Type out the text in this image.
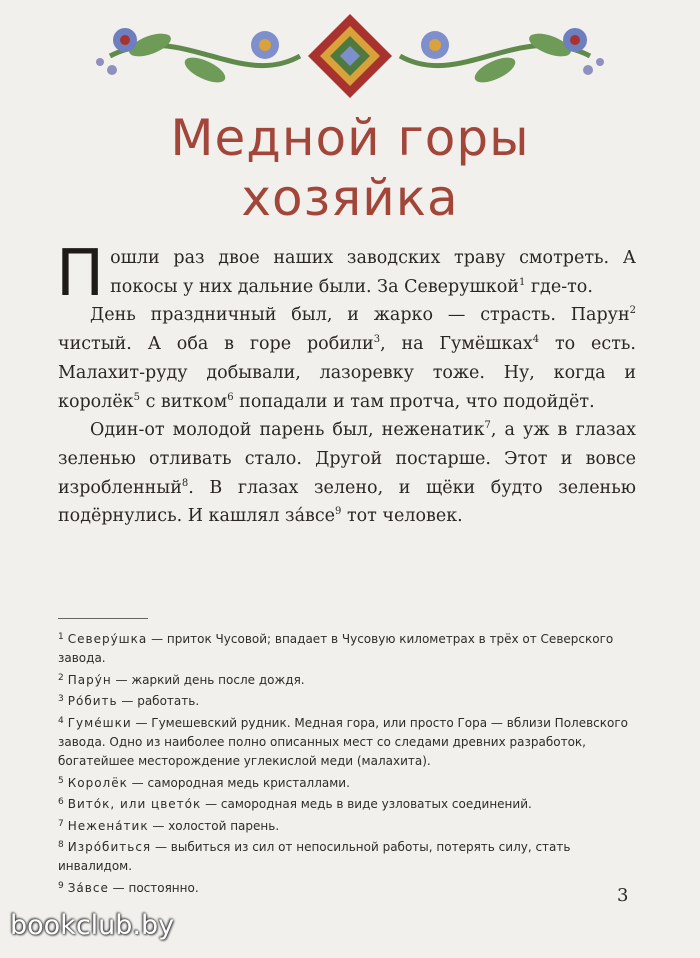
Медной горы
хозяйка

Пошли раз двое наших заводских траву смотреть. А покосы у них дальние были. За Северушкой$^1$ где-то.

День праздничный был, и жарко — страсть. Парун$^2$ чистый. А оба в горе робили$^3$, на Гумёшках$^4$ то есть. Малахит-руду добывали, лазоревку тоже. Ну, когда и королёк$^5$ с витком$^6$ попадали и там протча, что подойдёт.

Один-от молодой парень был, неженатик$^7$, а уж в глазах зеленью отливать стало. Другой постарше. Этот и вовсе изробленный$^8$. В глазах зелено, и щёки будто зеленью подёрнулись. И кашлял за́все$^9$ тот человек.

$^1$ Северу́шка — приток Чусовой; впадает в Чусовую километрах в трёх от Северского завода.

$^2$ Пару́н — жаркий день после дождя.

$^3$ Ро́бить — работать.

$^4$ Гуме́шки — Гумешевский рудник. Медная гора, или просто Гора — вблизи Полевского завода. Одно из наиболее полно описанных мест со следами древних разработок, богатейшее месторождение углекислой меди (малахита).

$^5$ Королёк — самородная медь кристаллами.

$^6$ Вито́к, или цвето́к — самородная медь в виде узловатых соединений.

$^7$ Нежена́тик — холостой парень.

$^8$ Изро́биться — выбиться из сил от непосильной работы, потерять силу, стать инвалидом.

$^9$ За́все — постоянно.	3
bookclub.by
